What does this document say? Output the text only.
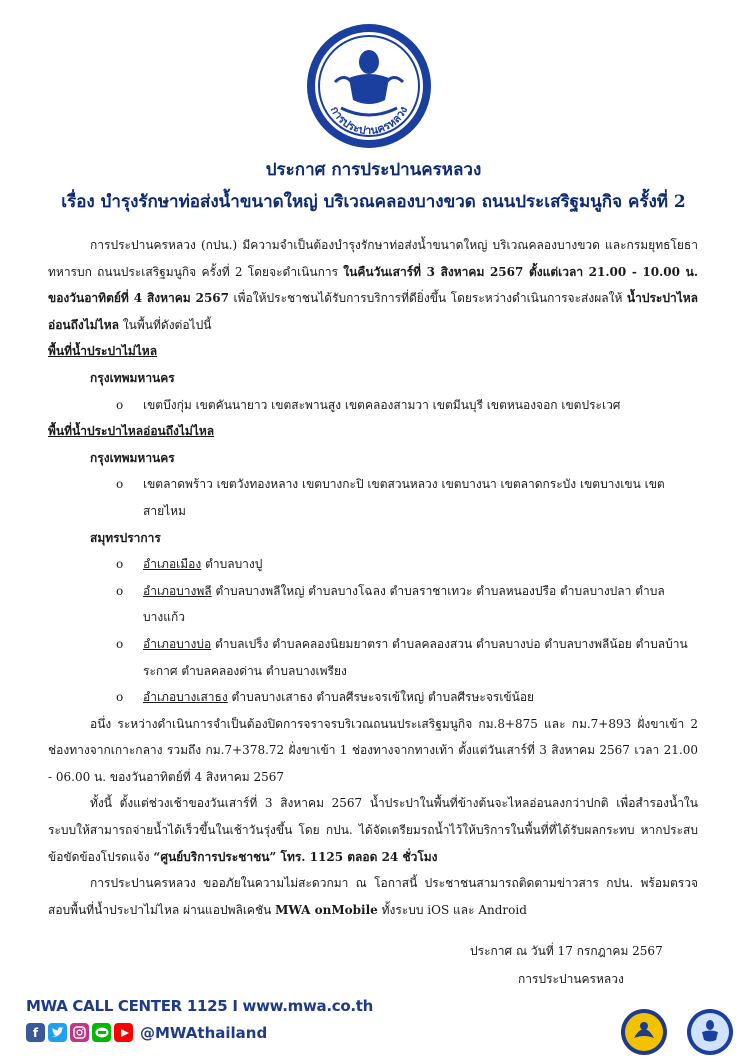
การประปานครหลวง
ประกาศ การประปานครหลวง
เรื่อง บำรุงรักษาท่อส่งน้ำขนาดใหญ่ บริเวณคลองบางขวด ถนนประเสริฐมนูกิจ ครั้งที่ 2

การประปานครหลวง (กปน.) มีความจำเป็นต้องบำรุงรักษาท่อส่งน้ำขนาดใหญ่ บริเวณคลองบางขวด และกรมยุทธโยธาทหารบก ถนนประเสริฐมนูกิจ ครั้งที่ 2 โดยจะดำเนินการ ในคืนวันเสาร์ที่ 3 สิงหาคม 2567 ตั้งแต่เวลา 21.00 - 10.00 น. ของวันอาทิตย์ที่ 4 สิงหาคม 2567 เพื่อให้ประชาชนได้รับการบริการที่ดียิ่งขึ้น โดยระหว่างดำเนินการจะส่งผลให้ น้ำประปาไหลอ่อนถึงไม่ไหล ในพื้นที่ดังต่อไปนี้

พื้นที่น้ำประปาไม่ไหล

กรุงเทพมหานคร

o เขตบึงกุ่ม เขตคันนายาว เขตสะพานสูง เขตคลองสามวา เขตมีนบุรี เขตหนองจอก เขตประเวศ

พื้นที่น้ำประปาไหลอ่อนถึงไม่ไหล

กรุงเทพมหานคร

o เขตลาดพร้าว เขตวังทองหลาง เขตบางกะปิ เขตสวนหลวง เขตบางนา เขตลาดกระบัง เขตบางเขน เขตสายไหม

สมุทรปราการ

o อำเภอเมือง ตำบลบางปู

o อำเภอบางพลี ตำบลบางพลีใหญ่ ตำบลบางโฉลง ตำบลราชาเทวะ ตำบลหนองปรือ ตำบลบางปลา ตำบลบางแก้ว

o อำเภอบางบ่อ ตำบลเปร็ง ตำบลคลองนิยมยาตรา ตำบลคลองสวน ตำบลบางบ่อ ตำบลบางพลีน้อย ตำบลบ้านระกาศ ตำบลคลองด่าน ตำบลบางเพรียง

o อำเภอบางเสาธง ตำบลบางเสาธง ตำบลศีรษะจรเข้ใหญ่ ตำบลศีรษะจรเข้น้อย

อนึ่ง ระหว่างดำเนินการจำเป็นต้องปิดการจราจรบริเวณถนนประเสริฐมนูกิจ กม.8+875 และ กม.7+893 ฝั่งขาเข้า 2 ช่องทางจากเกาะกลาง รวมถึง กม.7+378.72 ฝั่งขาเข้า 1 ช่องทางจากทางเท้า ตั้งแต่วันเสาร์ที่ 3 สิงหาคม 2567 เวลา 21.00 - 06.00 น. ของวันอาทิตย์ที่ 4 สิงหาคม 2567

ทั้งนี้ ตั้งแต่ช่วงเช้าของวันเสาร์ที่ 3 สิงหาคม 2567 น้ำประปาในพื้นที่ข้างต้นจะไหลอ่อนลงกว่าปกติ เพื่อสำรองน้ำในระบบให้สามารถจ่ายน้ำได้เร็วขึ้นในเช้าวันรุ่งขึ้น โดย กปน. ได้จัดเตรียมรถน้ำไว้ให้บริการในพื้นที่ที่ได้รับผลกระทบ หากประสบข้อขัดข้องโปรดแจ้ง “ศูนย์บริการประชาชน” โทร. 1125 ตลอด 24 ชั่วโมง

การประปานครหลวง ขออภัยในความไม่สะดวกมา ณ โอกาสนี้ ประชาชนสามารถติดตามข่าวสาร กปน. พร้อมตรวจสอบพื้นที่น้ำประปาไม่ไหล ผ่านแอปพลิเคชัน MWA onMobile ทั้งระบบ iOS และ Android

ประกาศ ณ วันที่ 17 กรกฎาคม 2567
การประปานครหลวง
MWA CALL CENTER 1125 I www.mwa.co.th
f	@MWAthailand
